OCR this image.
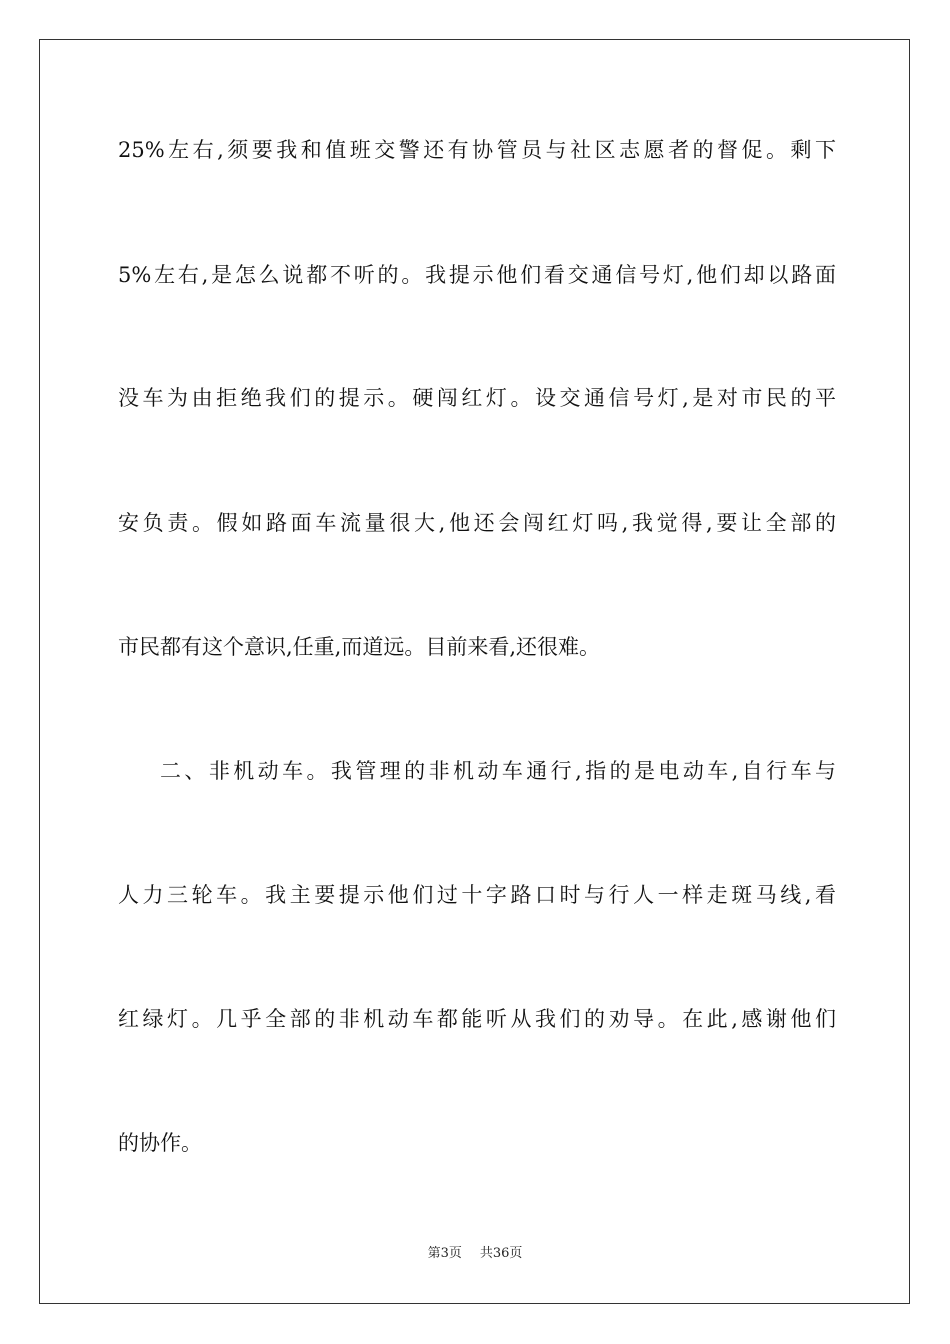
25%左右,须要我和值班交警还有协管员与社区志愿者的督促。剩下
5%左右,是怎么说都不听的。我提示他们看交通信号灯,他们却以路面
没车为由拒绝我们的提示。硬闯红灯。设交通信号灯,是对市民的平
安负责。假如路面车流量很大,他还会闯红灯吗,我觉得,要让全部的
市民都有这个意识,任重,而道远。目前来看,还很难。
二、非机动车。我管理的非机动车通行,指的是电动车,自行车与
人力三轮车。我主要提示他们过十字路口时与行人一样走斑马线,看
红绿灯。几乎全部的非机动车都能听从我们的劝导。在此,感谢他们
的协作。
第3页 共36页
